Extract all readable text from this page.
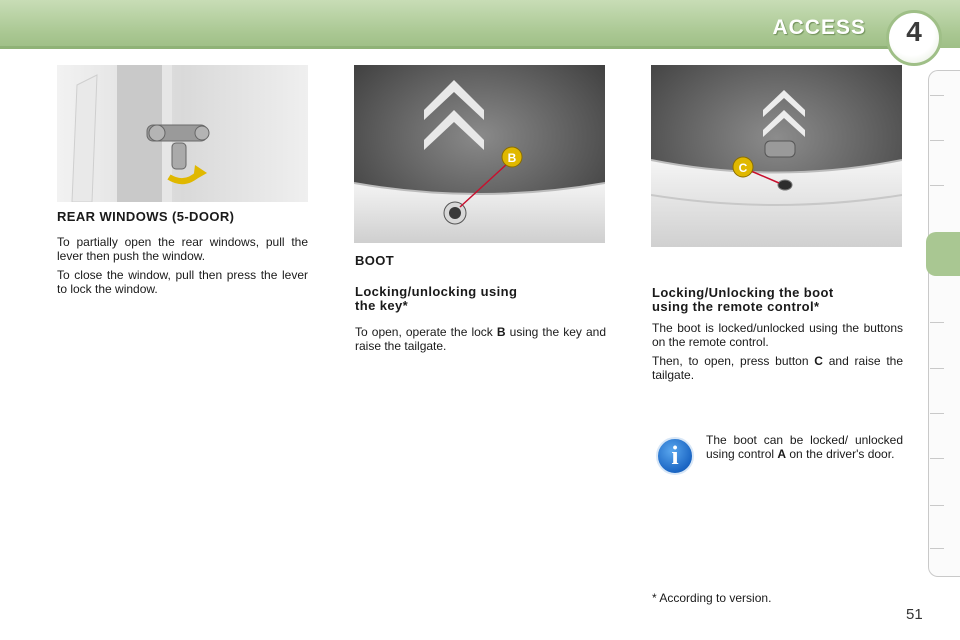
ACCESS	4
REAR WINDOWS (5-DOOR)

To partially open the rear windows, pull the lever then push the window.

To close the window, pull then press the lever to lock the window.

B
BOOT
Locking/unlocking using
the key*

To open, operate the lock B using the key and raise the tailgate.

C
Locking/Unlocking the boot
using the remote control*

The boot is locked/unlocked using the buttons on the remote control.

Then, to open, press button C and raise the tailgate.

i

The boot can be locked/ unlocked using control A on the driver's door.

* According to version.
51
